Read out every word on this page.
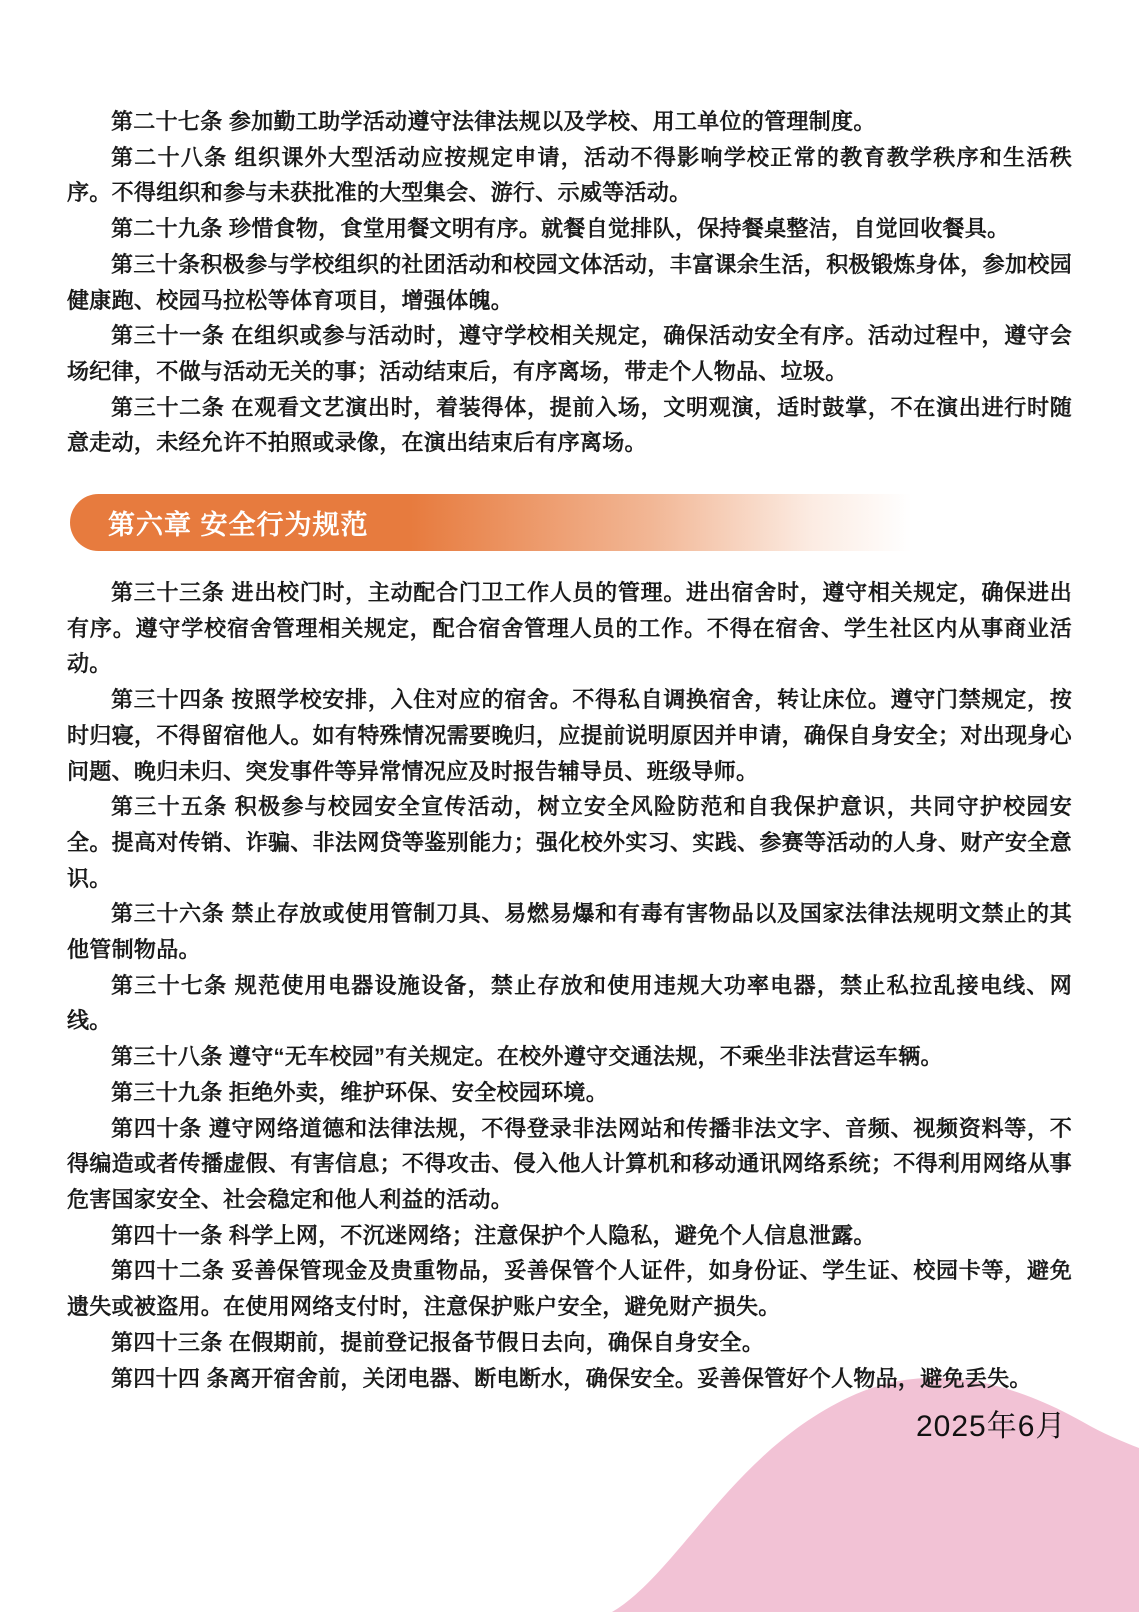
2025年6月

第二十七条 参加勤工助学活动遵守法律法规以及学校、用工单位的管理制度。

第二十八条 组织课外大型活动应按规定申请，活动不得影响学校正常的教育教学秩序和生活秩序。不得组织和参与未获批准的大型集会、游行、示威等活动。

第二十九条 珍惜食物，食堂用餐文明有序。就餐自觉排队，保持餐桌整洁，自觉回收餐具。

第三十条积极参与学校组织的社团活动和校园文体活动，丰富课余生活，积极锻炼身体，参加校园健康跑、校园马拉松等体育项目，增强体魄。

第三十一条 在组织或参与活动时，遵守学校相关规定，确保活动安全有序。活动过程中，遵守会场纪律，不做与活动无关的事；活动结束后，有序离场，带走个人物品、垃圾。

第三十二条 在观看文艺演出时，着装得体，提前入场，文明观演，适时鼓掌，不在演出进行时随意走动，未经允许不拍照或录像，在演出结束后有序离场。

第六章 安全行为规范

第三十三条 进出校门时，主动配合门卫工作人员的管理。进出宿舍时，遵守相关规定，确保进出有序。遵守学校宿舍管理相关规定，配合宿舍管理人员的工作。不得在宿舍、学生社区内从事商业活动。

第三十四条 按照学校安排，入住对应的宿舍。不得私自调换宿舍，转让床位。遵守门禁规定，按时归寝，不得留宿他人。如有特殊情况需要晚归，应提前说明原因并申请，确保自身安全；对出现身心问题、晚归未归、突发事件等异常情况应及时报告辅导员、班级导师。

第三十五条 积极参与校园安全宣传活动，树立安全风险防范和自我保护意识，共同守护校园安全。提高对传销、诈骗、非法网贷等鉴别能力；强化校外实习、实践、参赛等活动的人身、财产安全意识。

第三十六条 禁止存放或使用管制刀具、易燃易爆和有毒有害物品以及国家法律法规明文禁止的其他管制物品。

第三十七条 规范使用电器设施设备，禁止存放和使用违规大功率电器，禁止私拉乱接电线、网线。

第三十八条 遵守“无车校园”有关规定。在校外遵守交通法规，不乘坐非法营运车辆。

第三十九条 拒绝外卖，维护环保、安全校园环境。

第四十条 遵守网络道德和法律法规，不得登录非法网站和传播非法文字、音频、视频资料等，不得编造或者传播虚假、有害信息；不得攻击、侵入他人计算机和移动通讯网络系统；不得利用网络从事危害国家安全、社会稳定和他人利益的活动。

第四十一条 科学上网，不沉迷网络；注意保护个人隐私，避免个人信息泄露。

第四十二条 妥善保管现金及贵重物品，妥善保管个人证件，如身份证、学生证、校园卡等，避免遗失或被盗用。在使用网络支付时，注意保护账户安全，避免财产损失。

第四十三条 在假期前，提前登记报备节假日去向，确保自身安全。

第四十四 条离开宿舍前，关闭电器、断电断水，确保安全。妥善保管好个人物品，避免丢失。
